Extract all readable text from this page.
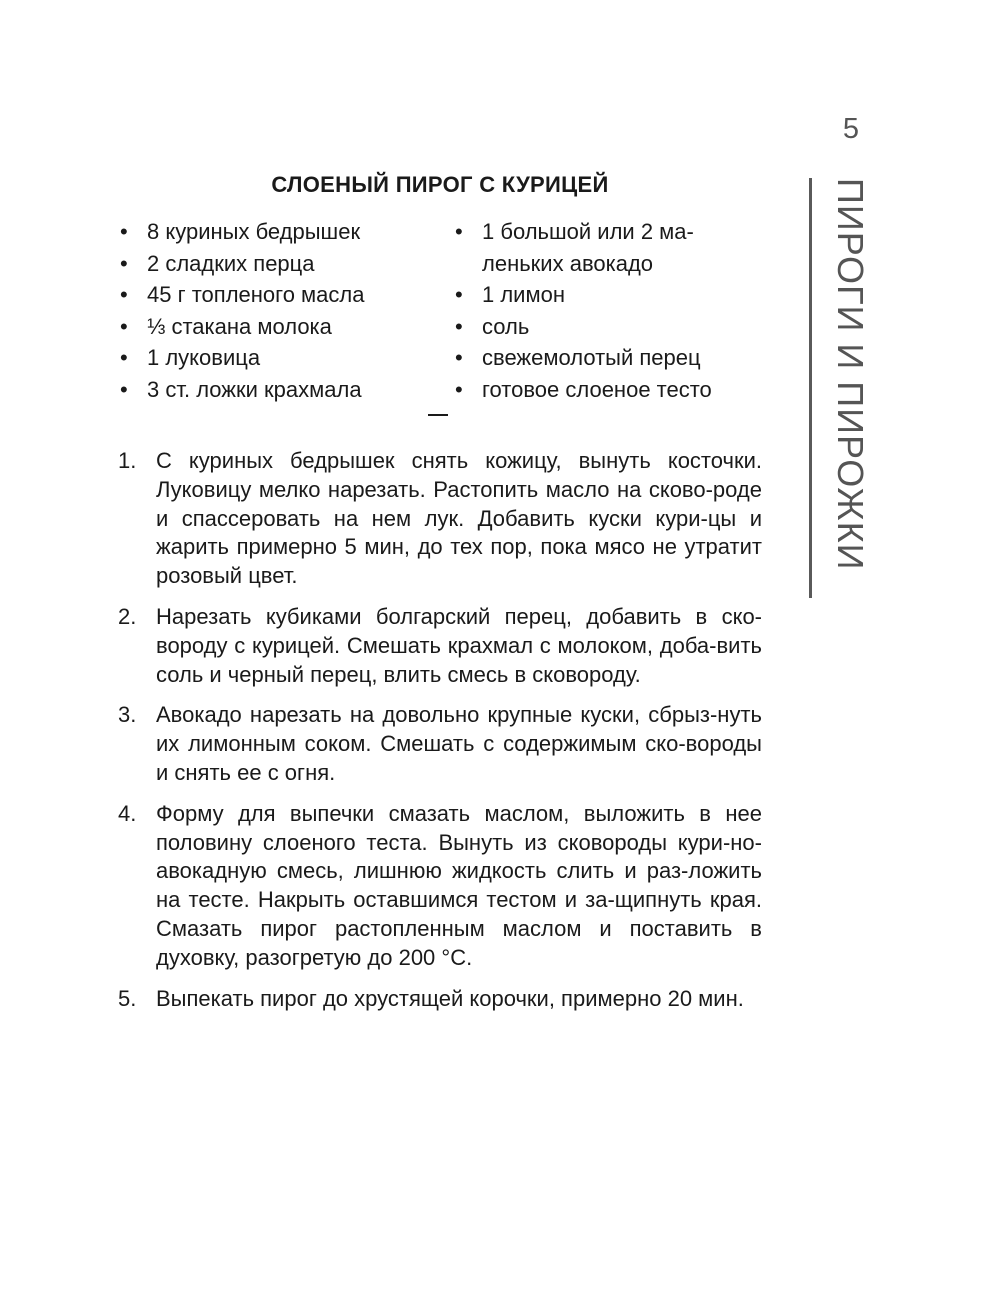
5
ПИРОГИ И ПИРОЖКИ
СЛОЕНЫЙ ПИРОГ С КУРИЦЕЙ
• 8 куриных бедрышек
• 2 сладких перца
• 45 г топленого масла
• ⅓ стакана молока
• 1 луковица
• 3 ст. ложки крахмала
• 1 большой или 2 ма-леньких авокадо
• 1 лимон
• соль
• свежемолотый перец
• готовое слоеное тесто
1. С куриных бедрышек снять кожицу, вынуть косточки. Луковицу мелко нарезать. Растопить масло на сково-роде и спассеровать на нем лук. Добавить куски кури-цы и жарить примерно 5 мин, до тех пор, пока мясо не утратит розовый цвет.
2. Нарезать кубиками болгарский перец, добавить в ско-вороду с курицей. Смешать крахмал с молоком, доба-вить соль и черный перец, влить смесь в сковороду.
3. Авокадо нарезать на довольно крупные куски, сбрыз-нуть их лимонным соком. Смешать с содержимым ско-вороды и снять ее с огня.
4. Форму для выпечки смазать маслом, выложить в нее половину слоеного теста. Вынуть из сковороды кури-но-авокадную смесь, лишнюю жидкость слить и раз-ложить на тесте. Накрыть оставшимся тестом и за-щипнуть края. Смазать пирог растопленным маслом и поставить в духовку, разогретую до 200 °С.
5. Выпекать пирог до хрустящей корочки, примерно 20 мин.
